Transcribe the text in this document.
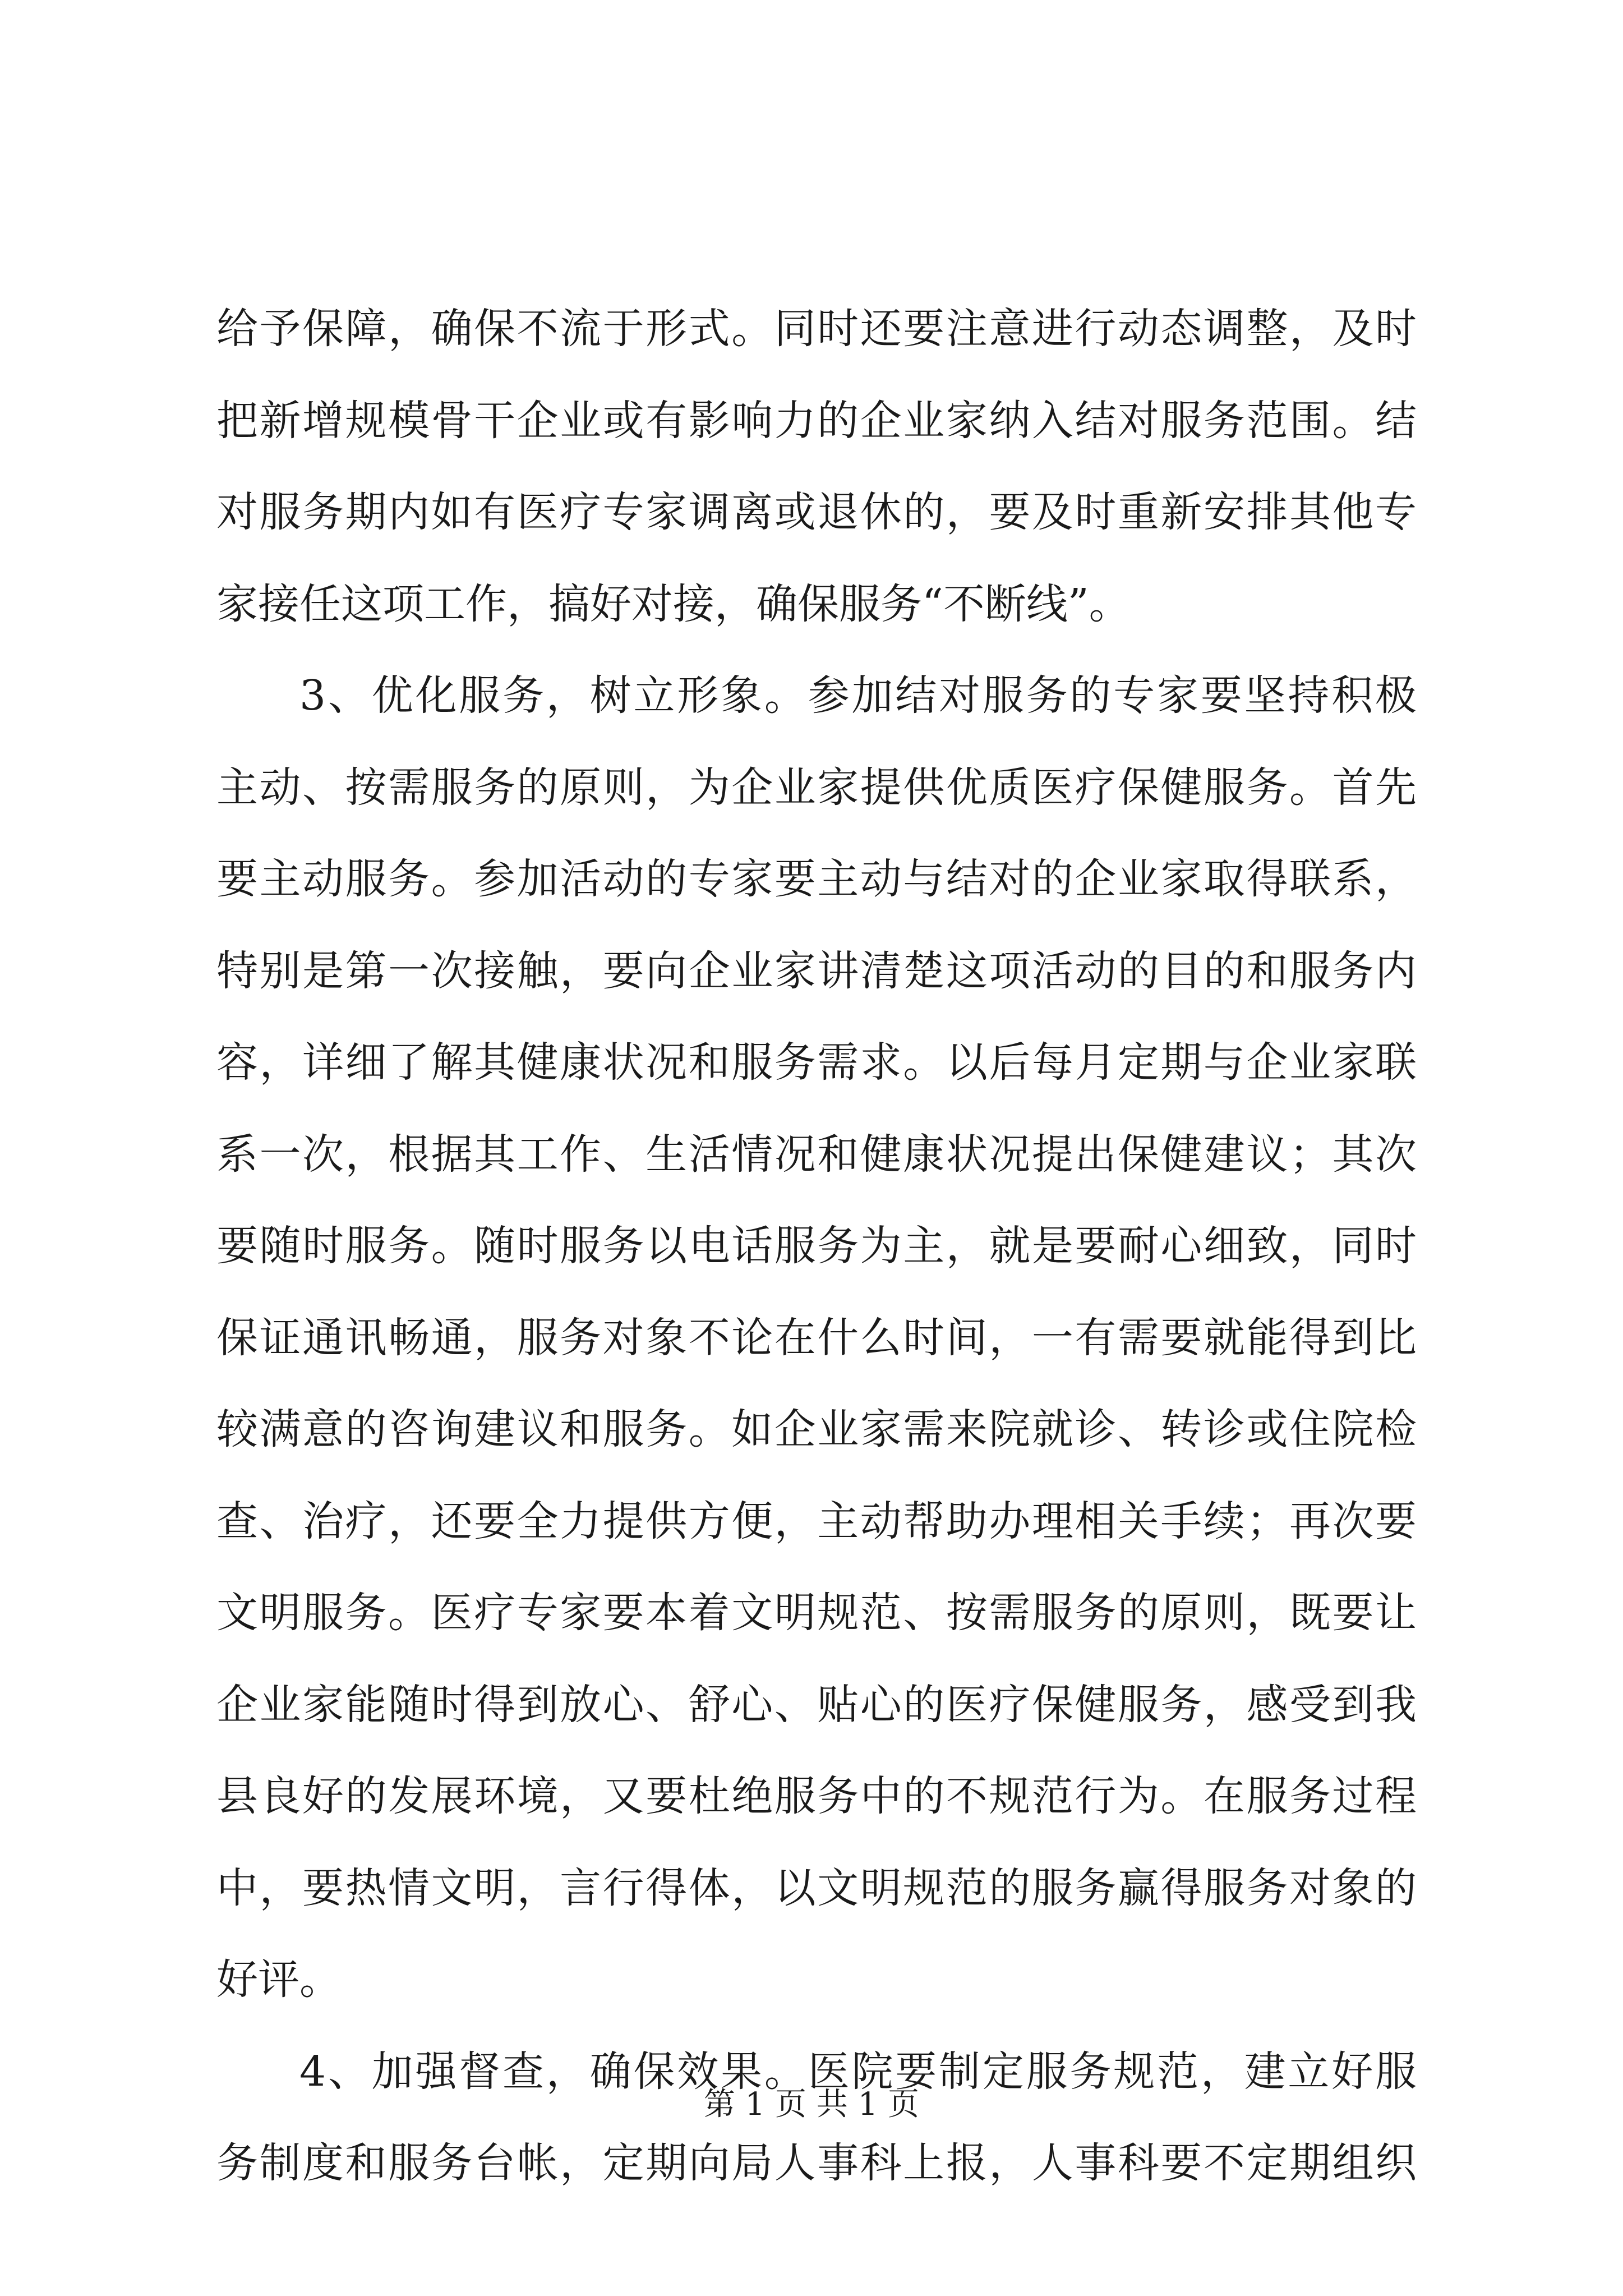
给予保障，确保不流于形式。同时还要注意进行动态调整，及时
把新增规模骨干企业或有影响力的企业家纳入结对服务范围。结
对服务期内如有医疗专家调离或退休的，要及时重新安排其他专
家接任这项工作，搞好对接，确保服务“不断线”。
3、优化服务，树立形象。参加结对服务的专家要坚持积极
主动、按需服务的原则，为企业家提供优质医疗保健服务。首先
要主动服务。参加活动的专家要主动与结对的企业家取得联系，
特别是第一次接触，要向企业家讲清楚这项活动的目的和服务内
容，详细了解其健康状况和服务需求。以后每月定期与企业家联
系一次，根据其工作、生活情况和健康状况提出保健建议；其次
要随时服务。随时服务以电话服务为主，就是要耐心细致，同时
保证通讯畅通，服务对象不论在什么时间，一有需要就能得到比
较满意的咨询建议和服务。如企业家需来院就诊、转诊或住院检
查、治疗，还要全力提供方便，主动帮助办理相关手续；再次要
文明服务。医疗专家要本着文明规范、按需服务的原则，既要让
企业家能随时得到放心、舒心、贴心的医疗保健服务，感受到我
县良好的发展环境，又要杜绝服务中的不规范行为。在服务过程
中，要热情文明，言行得体，以文明规范的服务赢得服务对象的
好评。
4、加强督查，确保效果。医院要制定服务规范，建立好服
务制度和服务台帐，定期向局人事科上报，人事科要不定期组织
第 1 页 共 1 页
